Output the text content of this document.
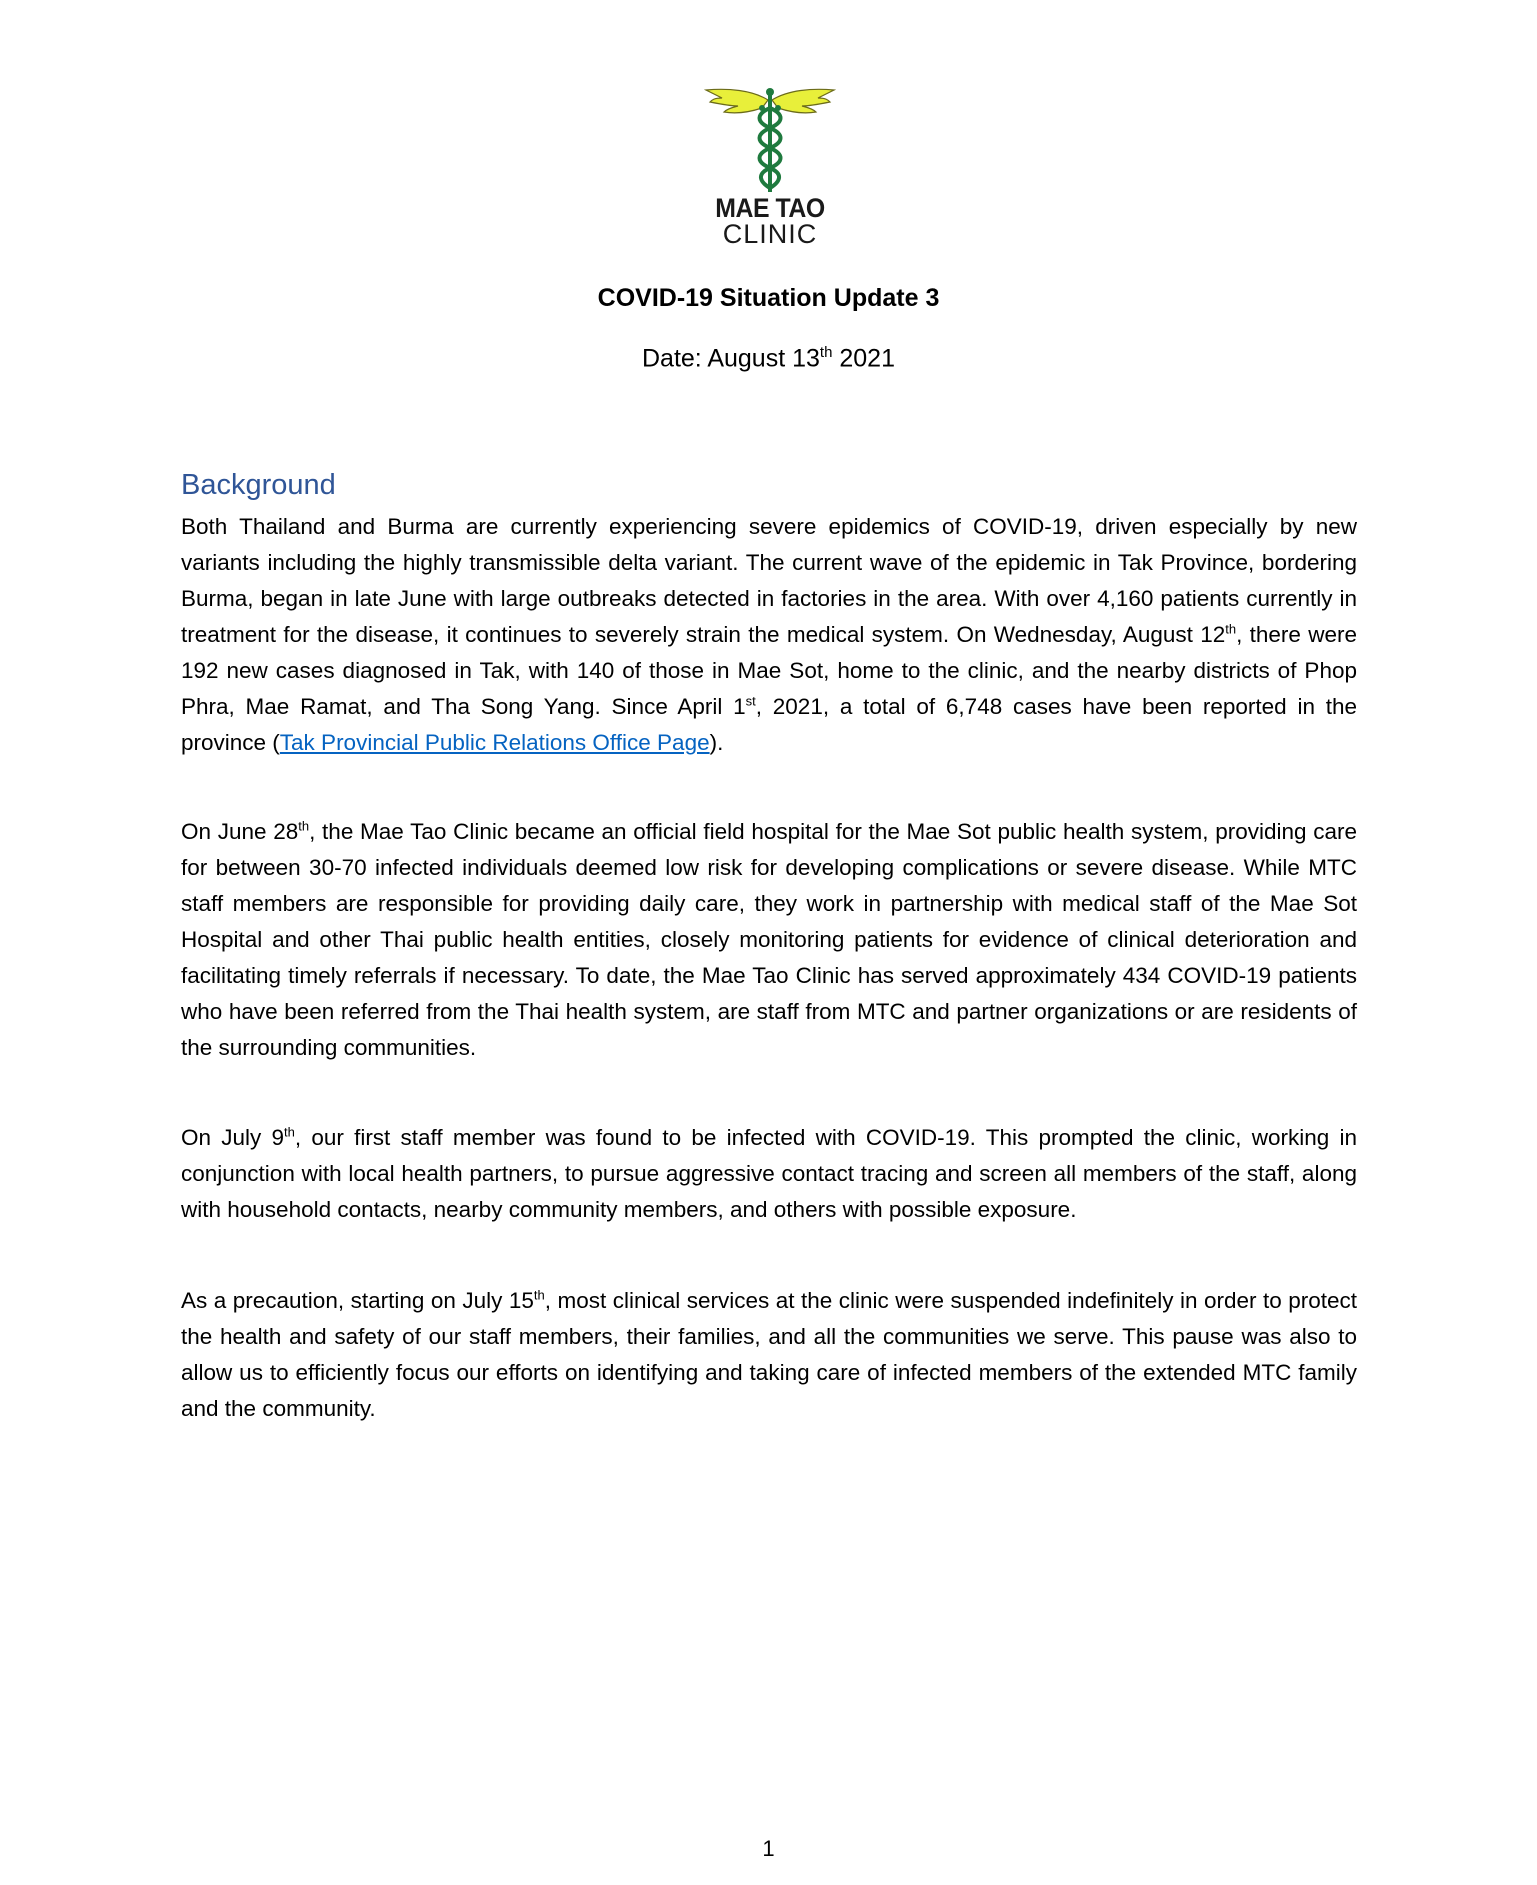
MAE TAO
CLINIC
COVID-19 Situation Update 3
Date: August 13th 2021
Background

Both Thailand and Burma are currently experiencing severe epidemics of COVID-19, driven especially by new variants including the highly transmissible delta variant. The current wave of the epidemic in Tak Province, bordering Burma, began in late June with large outbreaks detected in factories in the area. With over 4,160 patients currently in treatment for the disease, it continues to severely strain the medical system. On Wednesday, August 12th, there were 192 new cases diagnosed in Tak, with 140 of those in Mae Sot, home to the clinic, and the nearby districts of Phop Phra, Mae Ramat, and Tha Song Yang. Since April 1st, 2021, a total of 6,748 cases have been reported in the province (Tak Provincial Public Relations Office Page).

On June 28th, the Mae Tao Clinic became an official field hospital for the Mae Sot public health system, providing care for between 30-70 infected individuals deemed low risk for developing complications or severe disease. While MTC staff members are responsible for providing daily care, they work in partnership with medical staff of the Mae Sot Hospital and other Thai public health entities, closely monitoring patients for evidence of clinical deterioration and facilitating timely referrals if necessary. To date, the Mae Tao Clinic has served approximately 434 COVID-19 patients who have been referred from the Thai health system, are staff from MTC and partner organizations or are residents of the surrounding communities.

On July 9th, our first staff member was found to be infected with COVID-19. This prompted the clinic, working in conjunction with local health partners, to pursue aggressive contact tracing and screen all members of the staff, along with household contacts, nearby community members, and others with possible exposure.

As a precaution, starting on July 15th, most clinical services at the clinic were suspended indefinitely in order to protect the health and safety of our staff members, their families, and all the communities we serve. This pause was also to allow us to efficiently focus our efforts on identifying and taking care of infected members of the extended MTC family and the community.

1
